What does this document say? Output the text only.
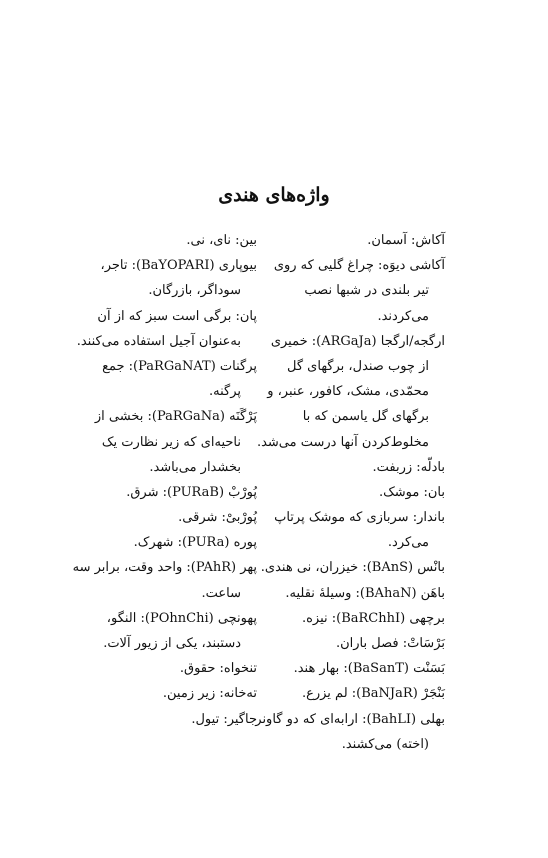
واژه‌های هندی
آکاش: آسمان.
آکاشی دیوَه: چراغ گلیی که روی
تیر بلندی در شبها نصب
می‌کردند.
ارگجه/ارگجا (ARGaJa): خمیری
از چوب صندل، برگهای گل
محمّدی، مشک، کافور، عنبر، و
برگهای گل یاسمن که با
مخلوط‌کردن آنها درست می‌شد.
بادلّه: زربفت.
بان: موشک.
باندار: سربازی که موشک پرتاپ
می‌کرد.
بانْس (BAnS): خیزران، نی هندی.
باهَن (BAhaN): وسیلۀ نقلیه.
برچهی (BaRChhI): نیزه.
بَرْسَاتْ: فصل باران.
بَسَنْت (BaSanT): بهار هند.
بَنْجَرْ (BaNJaR): لم یزرع.
بهلی (BahLI): ارابه‌ای که دو گاونر
(اخته) می‌کشند.
بین: نای، نی.
بیوپاری (BaYOPARI): تاجر،
سوداگر، بازرگان.
پان: برگی است سبز که از آن
به‌عنوان آجیل استفاده می‌کنند.
پرگنات (PaRGaNAT): جمع
پرگنه.
پَرْگَنَه (PaRGaNa): بخشی از
ناحیه‌ای که زیر نظارت یک
بخشدار می‌باشد.
پُورْبْ (PURaB): شرق.
پُورْبیْ: شرقی.
پوره (PURa): شهرک.
پهر (PAhR): واحد وقت، برابر سه
ساعت.
پهونچی (POhnChi): النگو،
دستبند، یکی از زیور آلات.
تنخواه: حقوق.
ته‌خانه: زیر زمین.
جاگیر: تیول.
